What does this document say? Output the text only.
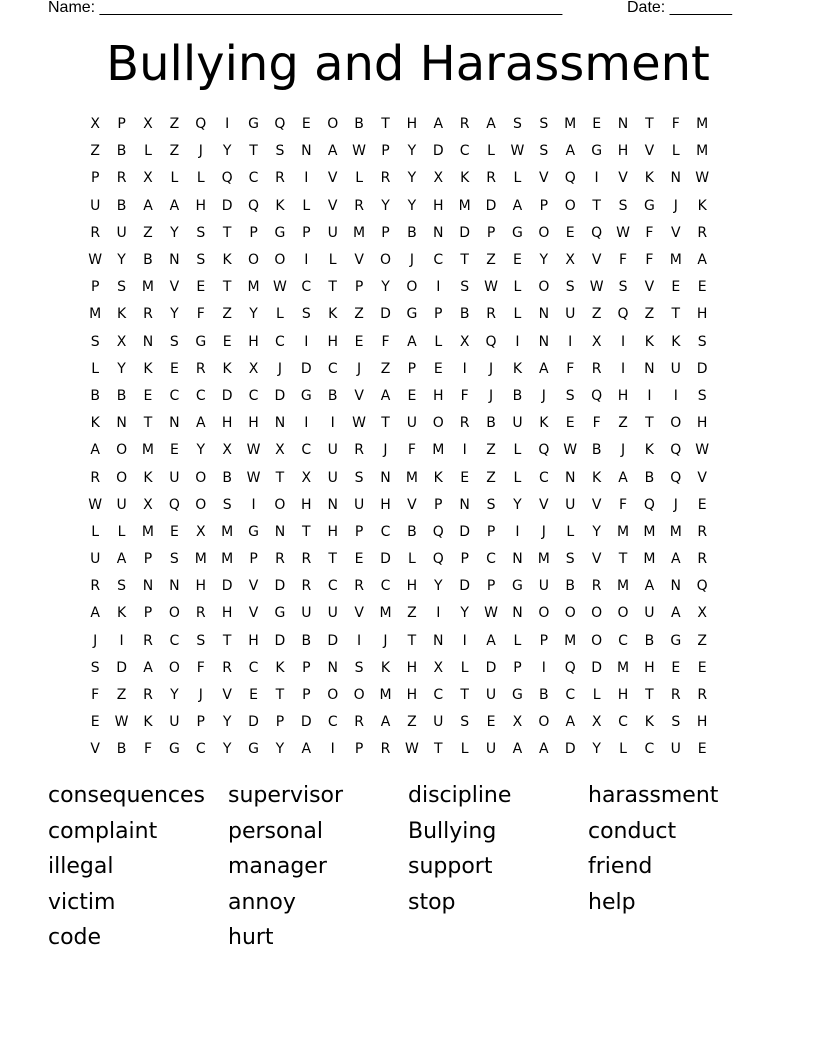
Name: ____________________________________________________	Date: _______
Bullying and Harassment
X	P	X	Z	Q	I	G	Q	E	O	B	T	H	A	R	A	S	S	M	E	N	T	F	M
Z	B	L	Z	J	Y	T	S	N	A	W	P	Y	D	C	L	W	S	A	G	H	V	L	M
P	R	X	L	L	Q	C	R	I	V	L	R	Y	X	K	R	L	V	Q	I	V	K	N	W
U	B	A	A	H	D	Q	K	L	V	R	Y	Y	H	M	D	A	P	O	T	S	G	J	K
R	U	Z	Y	S	T	P	G	P	U	M	P	B	N	D	P	G	O	E	Q W	F	V	R
W	Y	B	N	S	K	O	O	I	L	V	O	J	C	T	Z	E	Y	X	V	F	F	M	A
P	S	M	V	E	T	M W	C	T	P	Y	O	I	S	W	L	O	S	W	S	V	E	E
M	K	R	Y	F	Z	Y	L	S	K	Z	D	G	P	B	R	L	N	U	Z	Q	Z	T	H
S	X	N	S	G	E	H	C	I	H	E	F	A	L	X	Q	I	N	I	X	I	K	K	S
L	Y	K	E	R	K	X	J	D	C	J	Z	P	E	I	J	K	A	F	R	I	N	U	D
B	B	E	C	C	D	C	D	G	B	V	A	E	H	F	J	B	J	S	Q	H	I	I	S
K	N	T	N	A	H	H	N	I	I	W	T	U	O	R	B	U	K	E	F	Z	T	O	H
A	O	M	E	Y	X	W	X	C	U	R	J	F	M	I	Z	L	Q W	B	J	K	Q W
R	O	K	U	O	B	W	T	X	U	S	N	M	K	E	Z	L	C	N	K	A	B	Q	V
W	U	X	Q	O	S	I	O	H	N	U	H	V	P	N	S	Y	V	U	V	F	Q	J	E
L	L	M	E	X	M	G	N	T	H	P	C	B	Q	D	P	I	J	L	Y	M	M	M	R
U	A	P	S	M	M	P	R	R	T	E	D	L	Q	P	C	N	M	S	V	T	M	A	R
R	S	N	N	H	D	V	D	R	C	R	C	H	Y	D	P	G	U	B	R	M	A	N	Q
A	K	P	O	R	H	V	G	U	U	V	M	Z	I	Y	W	N	O	O	O	O	U	A	X
J	I	R	C	S	T	H	D	B	D	I	J	T	N	I	A	L	P	M	O	C	B	G	Z
S	D	A	O	F	R	C	K	P	N	S	K	H	X	L	D	P	I	Q	D	M	H	E	E
F	Z	R	Y	J	V	E	T	P	O	O	M	H	C	T	U	G	B	C	L	H	T	R	R
E	W	K	U	P	Y	D	P	D	C	R	A	Z	U	S	E	X	O	A	X	C	K	S	H
V	B	F	G	C	Y	G	Y	A	I	P	R	W	T	L	U	A	A	D	Y	L	C	U	E
consequences	supervisor	discipline	harassment
complaint	personal	Bullying	conduct
illegal	manager	support	friend
victim	annoy	stop	help
code	hurt
